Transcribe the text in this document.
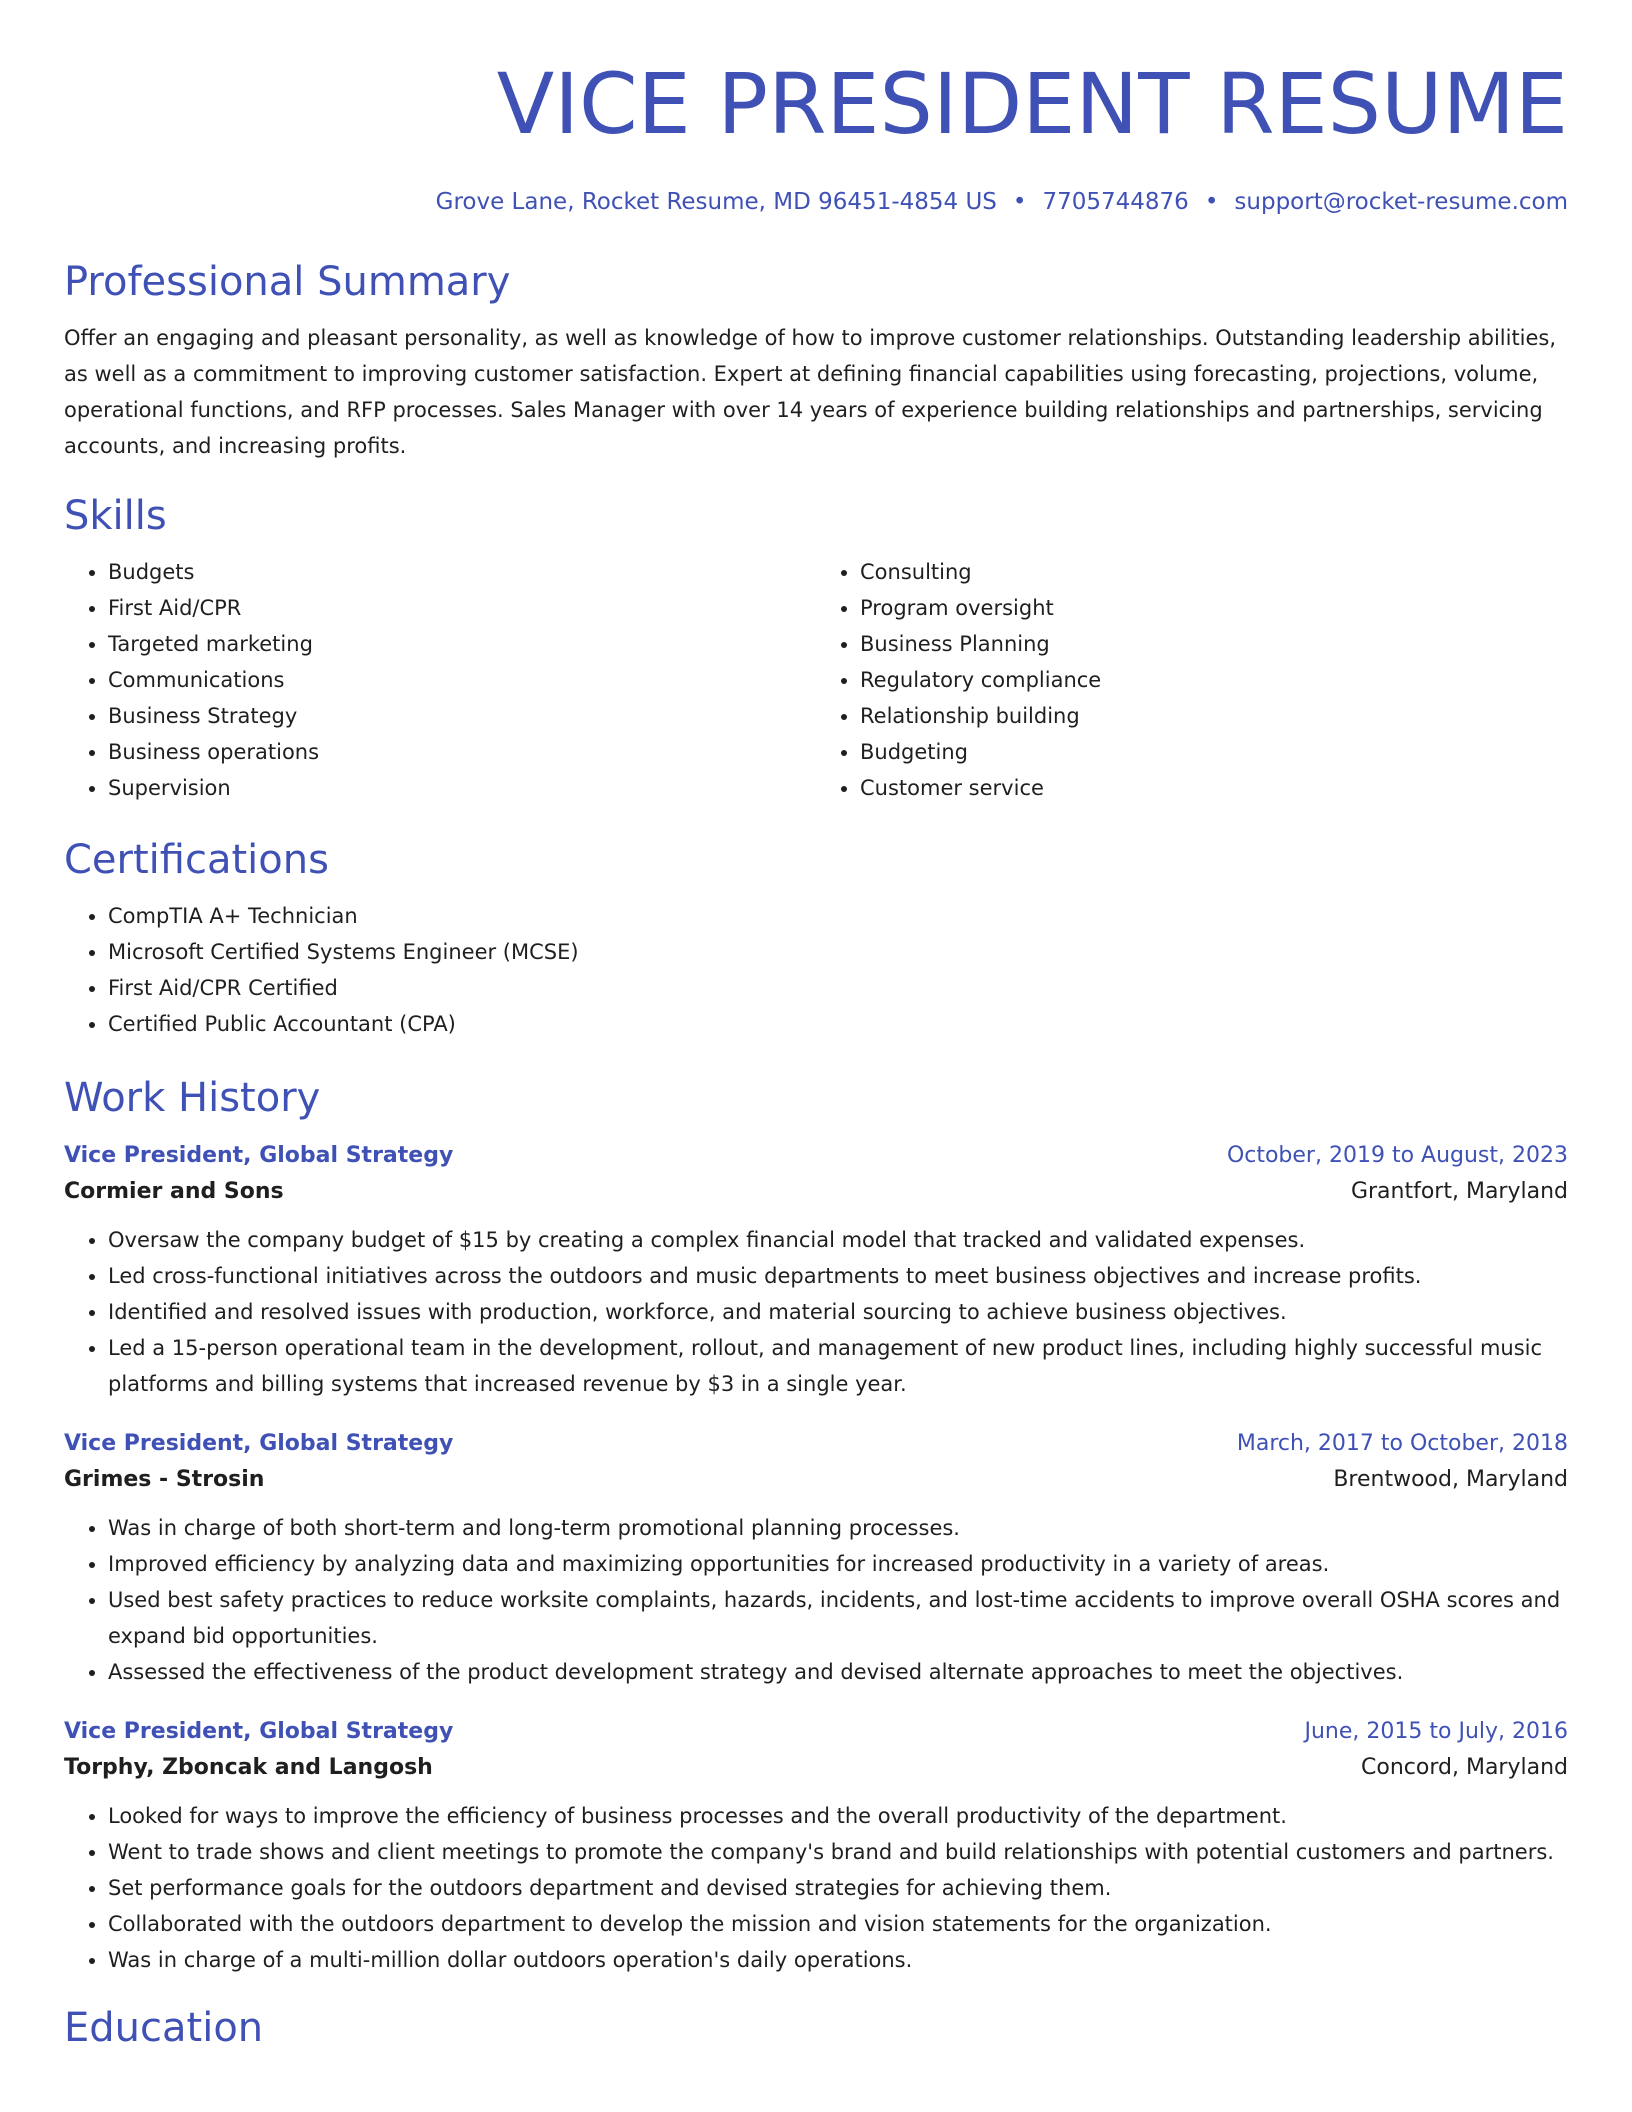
VICE PRESIDENT RESUME
Grove Lane, Rocket Resume, MD 96451-4854 US • 7705744876 • support@rocket-resume.com
Professional Summary
Offer an engaging and pleasant personality, as well as knowledge of how to improve customer relationships. Outstanding leadership abilities, as well as a commitment to improving customer satisfaction. Expert at defining financial capabilities using forecasting, projections, volume, operational functions, and RFP processes. Sales Manager with over 14 years of experience building relationships and partnerships, servicing accounts, and increasing profits.
Skills
• Budgets
• First Aid/CPR
• Targeted marketing
• Communications
• Business Strategy
• Business operations
• Supervision
• Consulting
• Program oversight
• Business Planning
• Regulatory compliance
• Relationship building
• Budgeting
• Customer service
Certifications
• CompTIA A+ Technician
• Microsoft Certified Systems Engineer (MCSE)
• First Aid/CPR Certified
• Certified Public Accountant (CPA)
Work History
Vice President, Global Strategy	October, 2019 to August, 2023
Cormier and Sons	Grantfort, Maryland
• Oversaw the company budget of $15 by creating a complex financial model that tracked and validated expenses.
• Led cross-functional initiatives across the outdoors and music departments to meet business objectives and increase profits.
• Identified and resolved issues with production, workforce, and material sourcing to achieve business objectives.
• Led a 15-person operational team in the development, rollout, and management of new product lines, including highly successful music platforms and billing systems that increased revenue by $3 in a single year.
Vice President, Global Strategy	March, 2017 to October, 2018
Grimes - Strosin	Brentwood, Maryland
• Was in charge of both short-term and long-term promotional planning processes.
• Improved efficiency by analyzing data and maximizing opportunities for increased productivity in a variety of areas.
• Used best safety practices to reduce worksite complaints, hazards, incidents, and lost-time accidents to improve overall OSHA scores and expand bid opportunities.
• Assessed the effectiveness of the product development strategy and devised alternate approaches to meet the objectives.
Vice President, Global Strategy	June, 2015 to July, 2016
Torphy, Zboncak and Langosh	Concord, Maryland
• Looked for ways to improve the efficiency of business processes and the overall productivity of the department.
• Went to trade shows and client meetings to promote the company's brand and build relationships with potential customers and partners.
• Set performance goals for the outdoors department and devised strategies for achieving them.
• Collaborated with the outdoors department to develop the mission and vision statements for the organization.
• Was in charge of a multi-million dollar outdoors operation's daily operations.
Education
